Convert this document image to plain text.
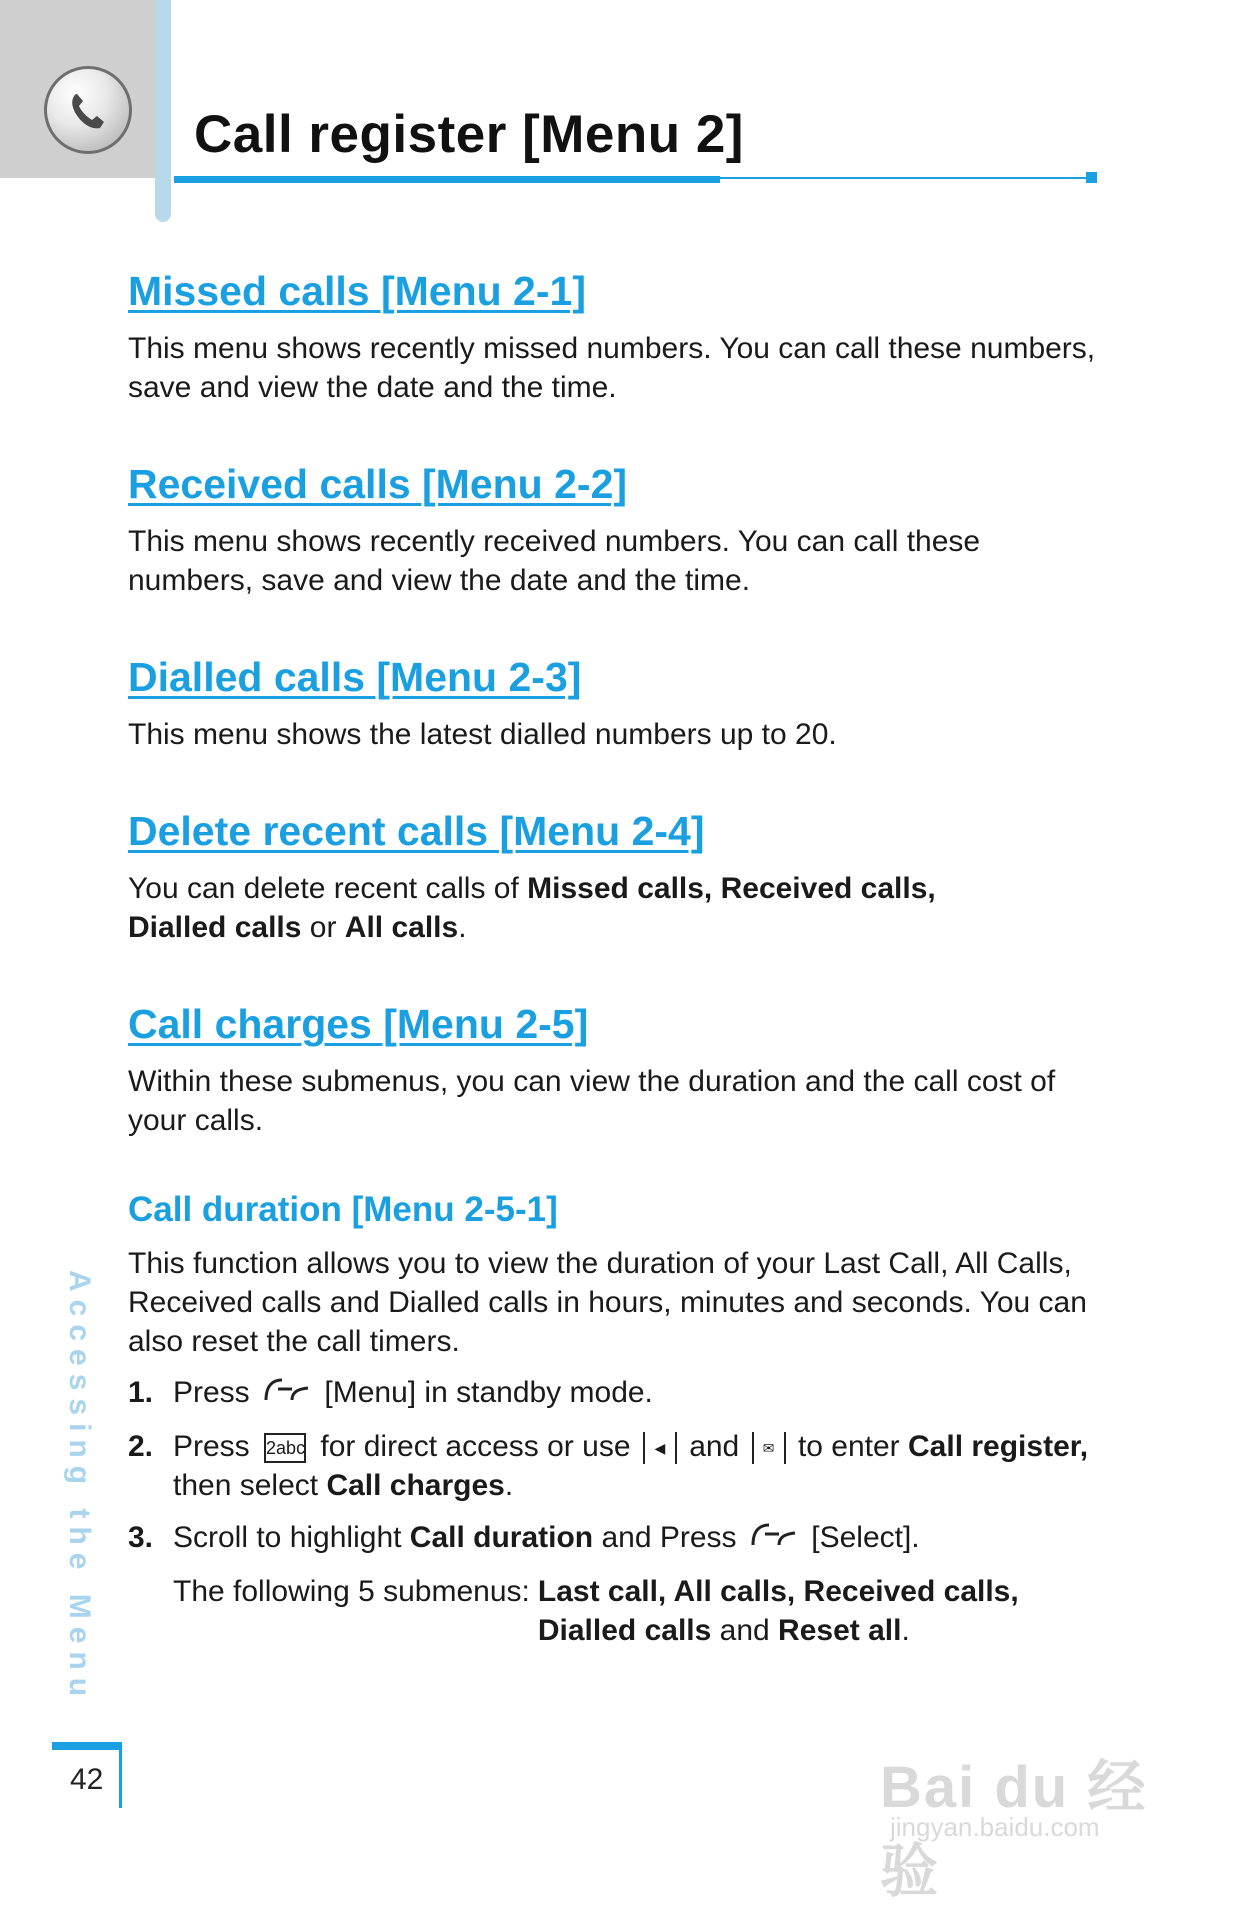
Call register [Menu 2]
Missed calls [Menu 2-1]

This menu shows recently missed numbers. You can call these numbers, save and view the date and the time.

Received calls [Menu 2-2]

This menu shows recently received numbers. You can call these numbers, save and view the date and the time.

Dialled calls [Menu 2-3]

This menu shows the latest dialled numbers up to 20.

Delete recent calls [Menu 2-4]

You can delete recent calls of Missed calls, Received calls,
Dialled calls or All calls.

Call charges [Menu 2-5]

Within these submenus, you can view the duration and the call cost of your calls.

Call duration [Menu 2-5-1]

This function allows you to view the duration of your Last Call, All Calls, Received calls and Dialled calls in hours, minutes and seconds. You can also reset the call timers.

1. Press [Menu] in standby mode.
2. Press 2abc for direct access or use ◀ and ✉ to enter Call register, then select Call charges.
3. Scroll to highlight Call duration and Press [Select].
The following 5 submenus: Last call, All calls, Received calls,
Dialled calls and Reset all.
Accessing the Menu
42	Bai du 经验
jingyan.baidu.com
